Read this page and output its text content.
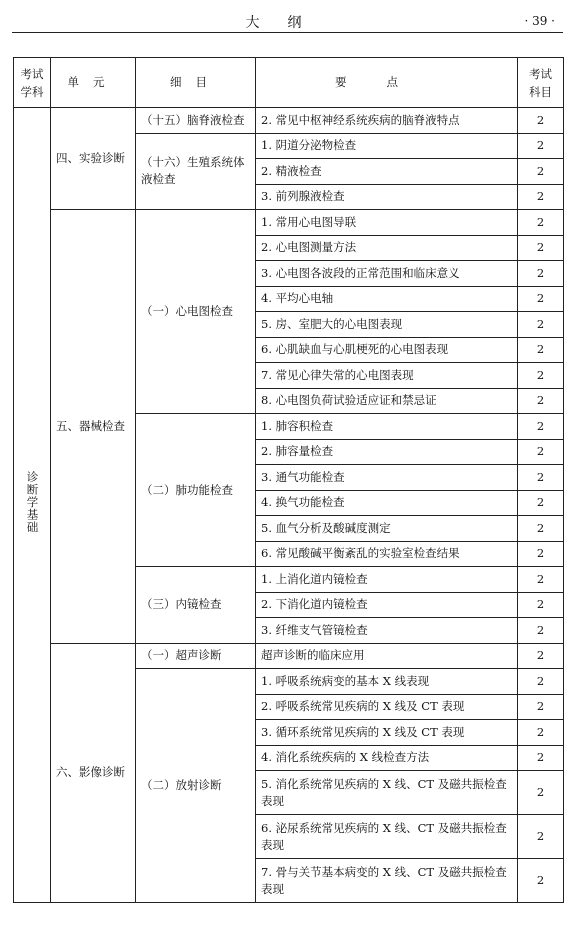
大纲	· 39 ·
考试学科	单元	细目	要点	考试科目
诊断学基础	四、实验诊断	（十五）脑脊液检查	2. 常见中枢神经系统疾病的脑脊液特点	2
		（十六）生殖系统体液检查	1. 阴道分泌物检查	2
			2. 精液检查	2
			3. 前列腺液检查	2
	五、器械检查	（一）心电图检查	1. 常用心电图导联	2
			2. 心电图测量方法	2
			3. 心电图各波段的正常范围和临床意义	2
			4. 平均心电轴	2
			5. 房、室肥大的心电图表现	2
			6. 心肌缺血与心肌梗死的心电图表现	2
			7. 常见心律失常的心电图表现	2
			8. 心电图负荷试验适应证和禁忌证	2
		（二）肺功能检查	1. 肺容积检查	2
			2. 肺容量检查	2
			3. 通气功能检查	2
			4. 换气功能检查	2
			5. 血气分析及酸碱度测定	2
			6. 常见酸碱平衡紊乱的实验室检查结果	2
		（三）内镜检查	1. 上消化道内镜检查	2
			2. 下消化道内镜检查	2
			3. 纤维支气管镜检查	2
	六、影像诊断	（一）超声诊断	超声诊断的临床应用	2
		（二）放射诊断	1. 呼吸系统病变的基本 X 线表现	2
			2. 呼吸系统常见疾病的 X 线及 CT 表现	2
			3. 循环系统常见疾病的 X 线及 CT 表现	2
			4. 消化系统疾病的 X 线检查方法	2
			5. 消化系统常见疾病的 X 线、CT 及磁共振检查表现	2
			6. 泌尿系统常见疾病的 X 线、CT 及磁共振检查表现	2
			7. 骨与关节基本病变的 X 线、CT 及磁共振检查表现	2
